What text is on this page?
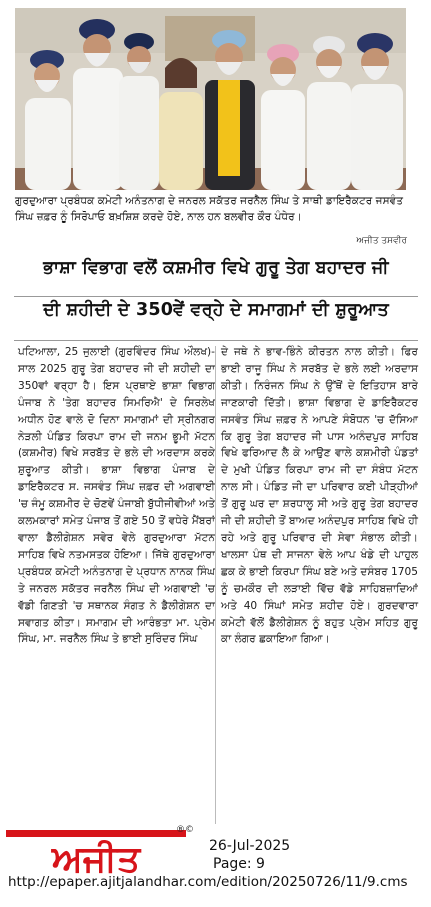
ਗੁਰਦੁਆਰਾ ਪ੍ਰਬੰਧਕ ਕਮੇਟੀ ਅਨੰਤਨਾਗ ਦੇ ਜਨਰਲ ਸਕੱਤਰ ਜਰਨੈਲ ਸਿੰਘ ਤੇ ਸਾਥੀ ਡਾਇਰੈਕਟਰ ਜਸਵੰਤ ਸਿੰਘ ਜ਼ਫ਼ਰ ਨੂੰ ਸਿਰੋਪਾਓ ਬਖ਼ਸ਼ਿਸ਼ ਕਰਦੇ ਹੋਏ, ਨਾਲ ਹਨ ਬਲਵੀਰ ਕੌਰ ਪੰਧੇਰ।
ਅਜੀਤ ਤਸਵੀਰ
ਭਾਸ਼ਾ ਵਿਭਾਗ ਵਲੋਂ ਕਸ਼ਮੀਰ ਵਿਖੇ ਗੁਰੂ ਤੇਗ ਬਹਾਦਰ ਜੀ
ਦੀ ਸ਼ਹੀਦੀ ਦੇ 350ਵੇਂ ਵਰ੍ਹੇ ਦੇ ਸਮਾਗਮਾਂ ਦੀ ਸ਼ੁਰੂਆਤ
ਪਟਿਆਲਾ, 25 ਜੁਲਾਈ (ਗੁਰਵਿੰਦਰ ਸਿੰਘ ਔਲਖ)-ਸਾਲ 2025 ਗੁਰੂ ਤੇਗ ਬਹਾਦਰ ਜੀ ਦੀ ਸ਼ਹੀਦੀ ਦਾ 350ਵਾਂ ਵਰ੍ਹਾ ਹੈ। ਇਸ ਪ੍ਰਥਾਏ ਭਾਸ਼ਾ ਵਿਭਾਗ ਪੰਜਾਬ ਨੇ 'ਤੇਗ ਬਹਾਦਰ ਸਿਮਰਿਐ' ਦੇ ਸਿਰਲੇਖ ਅਧੀਨ ਹੋਣ ਵਾਲੇ ਦੋ ਦਿਨਾ ਸਮਾਗਮਾਂ ਦੀ ਸ੍ਰੀਨਗਰ ਨੇੜਲੀ ਪੰਡਿਤ ਕਿਰਪਾ ਰਾਮ ਦੀ ਜਨਮ ਭੂਮੀ ਮੱਟਨ (ਕਸ਼ਮੀਰ) ਵਿਖੇ ਸਰਬੱਤ ਦੇ ਭਲੇ ਦੀ ਅਰਦਾਸ ਕਰਕੇ ਸ਼ੁਰੂਆਤ ਕੀਤੀ। ਭਾਸ਼ਾ ਵਿਭਾਗ ਪੰਜਾਬ ਦੇ ਡਾਇਰੈਕਟਰ ਸ. ਜਸਵੰਤ ਸਿੰਘ ਜ਼ਫ਼ਰ ਦੀ ਅਗਵਾਈ 'ਚ ਜੰਮੂ ਕਸ਼ਮੀਰ ਦੇ ਚੋਣਵੇਂ ਪੰਜਾਬੀ ਬੁੱਧੀਜੀਵੀਆਂ ਅਤੇ ਕਲਮਕਾਰਾਂ ਸਮੇਤ ਪੰਜਾਬ ਤੋਂ ਗਏ 50 ਤੋਂ ਵਧੇਰੇ ਮੈਂਬਰਾਂ ਵਾਲਾ ਡੈਲੀਗੇਸ਼ਨ ਸਵੇਰ ਵੇਲੇ ਗੁਰਦੁਆਰਾ ਮੱਟਨ ਸਾਹਿਬ ਵਿਖੇ ਨਤਮਸਤਕ ਹੋਇਆ। ਜਿੱਥੇ ਗੁਰਦੁਆਰਾ ਪ੍ਰਬੰਧਕ ਕਮੇਟੀ ਅਨੰਤਨਾਗ ਦੇ ਪ੍ਰਧਾਨ ਨਾਨਕ ਸਿੰਘ ਤੇ ਜਨਰਲ ਸਕੱਤਰ ਜਰਨੈਲ ਸਿੰਘ ਦੀ ਅਗਵਾਈ 'ਚ ਵੱਡੀ ਗਿਣਤੀ 'ਚ ਸਥਾਨਕ ਸੰਗਤ ਨੇ ਡੈਲੀਗੇਸ਼ਨ ਦਾ ਸਵਾਗਤ ਕੀਤਾ। ਸਮਾਗਮ ਦੀ ਆਰੰਭਤਾ ਮਾ. ਪ੍ਰੇਮ ਸਿੰਘ, ਮਾ. ਜਰਨੈਲ ਸਿੰਘ ਤੇ ਭਾਈ ਸੁਰਿੰਦਰ ਸਿੰਘ
ਦੇ ਜਥੇ ਨੇ ਭਾਵ-ਭਿੰਨੇ ਕੀਰਤਨ ਨਾਲ ਕੀਤੀ। ਫਿਰ ਭਾਈ ਰਾਜੂ ਸਿੰਘ ਨੇ ਸਰਬੱਤ ਦੇ ਭਲੇ ਲਈ ਅਰਦਾਸ ਕੀਤੀ। ਨਿਰੰਜਨ ਸਿੰਘ ਨੇ ਉੱਥੋਂ ਦੇ ਇਤਿਹਾਸ ਬਾਰੇ ਜਾਣਕਾਰੀ ਦਿੱਤੀ। ਭਾਸ਼ਾ ਵਿਭਾਗ ਦੇ ਡਾਇਰੈਕਟਰ ਜਸਵੰਤ ਸਿੰਘ ਜ਼ਫ਼ਰ ਨੇ ਆਪਣੇ ਸੰਬੋਧਨ 'ਚ ਦੱਸਿਆ ਕਿ ਗੁਰੂ ਤੇਗ ਬਹਾਦਰ ਜੀ ਪਾਸ ਅਨੰਦਪੁਰ ਸਾਹਿਬ ਵਿਖੇ ਫਰਿਆਦ ਲੈ ਕੇ ਆਉਣ ਵਾਲੇ ਕਸ਼ਮੀਰੀ ਪੰਡਤਾਂ ਦੇ ਮੁਖੀ ਪੰਡਿਤ ਕਿਰਪਾ ਰਾਮ ਜੀ ਦਾ ਸੰਬੰਧ ਮੱਟਨ ਨਾਲ ਸੀ। ਪੰਡਿਤ ਜੀ ਦਾ ਪਰਿਵਾਰ ਕਈ ਪੀੜ੍ਹੀਆਂ ਤੋਂ ਗੁਰੂ ਘਰ ਦਾ ਸ਼ਰਧਾਲੂ ਸੀ ਅਤੇ ਗੁਰੂ ਤੇਗ ਬਹਾਦਰ ਜੀ ਦੀ ਸ਼ਹੀਦੀ ਤੋਂ ਬਾਅਦ ਅਨੰਦਪੁਰ ਸਾਹਿਬ ਵਿਖੇ ਹੀ ਰਹੇ ਅਤੇ ਗੁਰੂ ਪਰਿਵਾਰ ਦੀ ਸੇਵਾ ਸੰਭਾਲ ਕੀਤੀ। ਖਾਲਸਾ ਪੰਥ ਦੀ ਸਾਜਨਾ ਵੇਲੇ ਆਪ ਖੰਡੇ ਦੀ ਪਾਹੁਲ ਛਕ ਕੇ ਭਾਈ ਕਿਰਪਾ ਸਿੰਘ ਬਣੇ ਅਤੇ ਦਸੰਬਰ 1705 ਨੂੰ ਚਮਕੌਰ ਦੀ ਲੜਾਈ ਵਿੱਚ ਵੱਡੇ ਸਾਹਿਬਜ਼ਾਦਿਆਂ ਅਤੇ 40 ਸਿੰਘਾਂ ਸਮੇਤ ਸ਼ਹੀਦ ਹੋਏ। ਗੁਰਦਵਾਰਾ ਕਮੇਟੀ ਵੱਲੋਂ ਡੈਲੀਗੇਸ਼ਨ ਨੂੰ ਬਹੁਤ ਪ੍ਰੇਮ ਸਹਿਤ ਗੁਰੂ ਕਾ ਲੰਗਰ ਛਕਾਇਆ ਗਿਆ।
ਅਜੀਤ
®©
26-Jul-2025
Page: 9
http://epaper.ajitjalandhar.com/edition/20250726/11/9.cms
